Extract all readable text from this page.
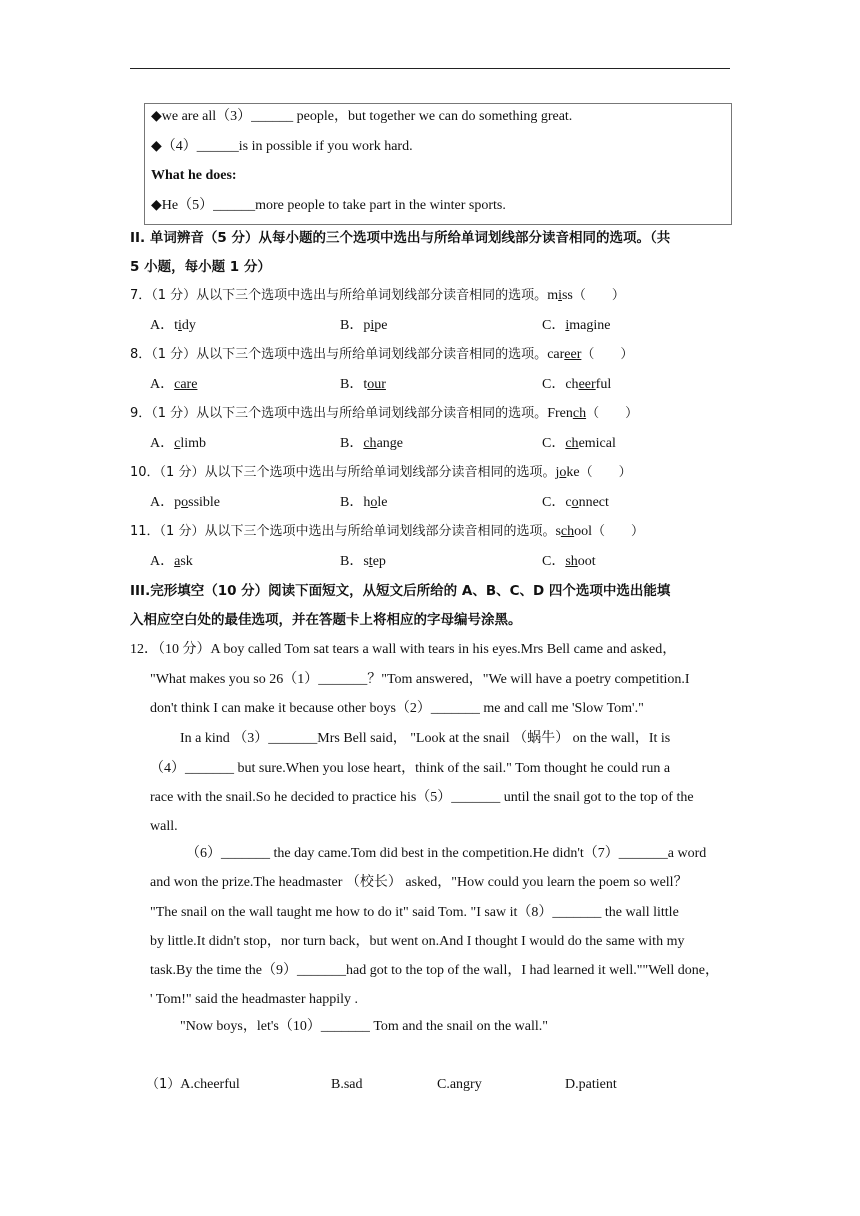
◆we are all（3）______ people，but together we can do something great.
◆（4）______is in possible if you work hard.
What he does:
◆He（5）______more people to take part in the winter sports.
II. 单词辨音（5 分）从每小题的三个选项中选出与所给单词划线部分读音相同的选项。（共
5 小题，每小题 1 分）
7．（1 分）从以下三个选项中选出与所给单词划线部分读音相同的选项。miss（　　）
A．tidy	B．pipe	C．imagine
8．（1 分）从以下三个选项中选出与所给单词划线部分读音相同的选项。career（　　）
A．care	B．tour	C．cheerful
9．（1 分）从以下三个选项中选出与所给单词划线部分读音相同的选项。French（　　）
A．climb	B．change	C．chemical
10．（1 分）从以下三个选项中选出与所给单词划线部分读音相同的选项。joke（　　）
A．possible	B．hole	C．connect
11．（1 分）从以下三个选项中选出与所给单词划线部分读音相同的选项。school（　　）
A．ask	B．step	C．shoot
III.完形填空（10 分）阅读下面短文，从短文后所给的 A、B、C、D 四个选项中选出能填
入相应空白处的最佳选项，并在答题卡上将相应的字母编号涂黑。
12．（10 分）A boy called Tom sat tears a wall with tears in his eyes.Mrs Bell came and asked，
"What makes you so 26（1）_______？"Tom answered，"We will have a poetry competition.I
don't think I can make it because other boys（2）_______ me and call me 'Slow Tom'."
In a kind （3）_______Mrs Bell said， "Look at the snail （蜗牛） on the wall，It is
（4）_______ but sure.When you lose heart，think of the sail." Tom thought he could run a
race with the snail.So he decided to practice his（5）_______ until the snail got to the top of the
wall.
（6）_______ the day came.Tom did best in the competition.He didn't（7）_______a word
and won the prize.The headmaster （校长） asked，"How could you learn the poem so well？
"The snail on the wall taught me how to do it" said Tom. "I saw it（8）_______ the wall little
by little.It didn't stop，nor turn back，but went on.And I thought I would do the same with my
task.By the time the（9）_______had got to the top of the wall，I had learned it well.""Well done，
' Tom!" said the headmaster happily .
"Now boys，let's（10）_______ Tom and the snail on the wall."
（1）A.cheerful	B.sad	C.angry	D.patient
